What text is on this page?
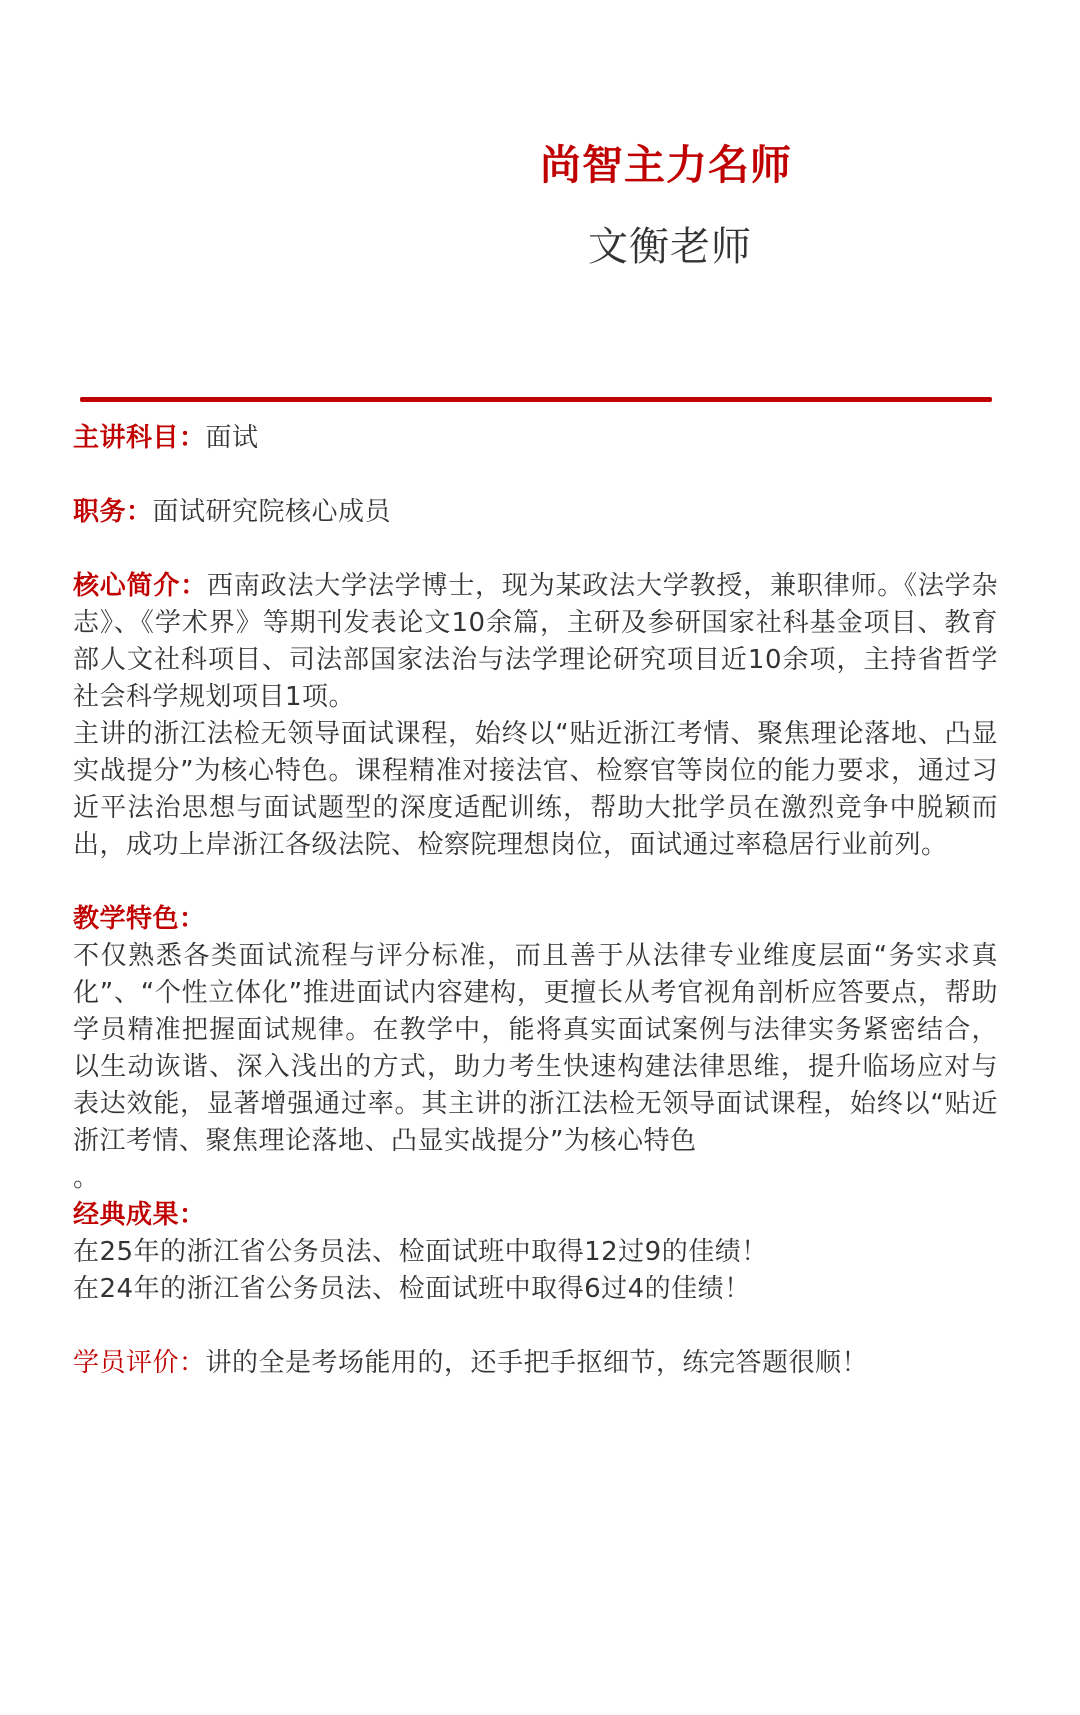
尚智主力名师
文衡老师

主讲科目：面试

职务：面试研究院核心成员

核心简介：西南政法大学法学博士，现为某政法大学教授，兼职律师。《法学杂志》、《学术界》等期刊发表论文10余篇，主研及参研国家社科基金项目、教育部人文社科项目、司法部国家法治与法学理论研究项目近10余项，主持省哲学社会科学规划项目1项。

主讲的浙江法检无领导面试课程，始终以“贴近浙江考情、聚焦理论落地、凸显实战提分”为核心特色。课程精准对接法官、检察官等岗位的能力要求，通过习近平法治思想与面试题型的深度适配训练，帮助大批学员在激烈竞争中脱颖而出，成功上岸浙江各级法院、检察院理想岗位，面试通过率稳居行业前列。

教学特色：

不仅熟悉各类面试流程与评分标准，而且善于从法律专业维度层面“务实求真化”、“个性立体化”推进面试内容建构，更擅长从考官视角剖析应答要点，帮助学员精准把握面试规律。在教学中，能将真实面试案例与法律实务紧密结合，以生动诙谐、深入浅出的方式，助力考生快速构建法律思维，提升临场应对与表达效能，显著增强通过率。其主讲的浙江法检无领导面试课程，始终以“贴近浙江考情、聚焦理论落地、凸显实战提分”为核心特色

。

经典成果：

在25年的浙江省公务员法、检面试班中取得12过9的佳绩！

在24年的浙江省公务员法、检面试班中取得6过4的佳绩！

学员评价：讲的全是考场能用的，还手把手抠细节，练完答题很顺！
